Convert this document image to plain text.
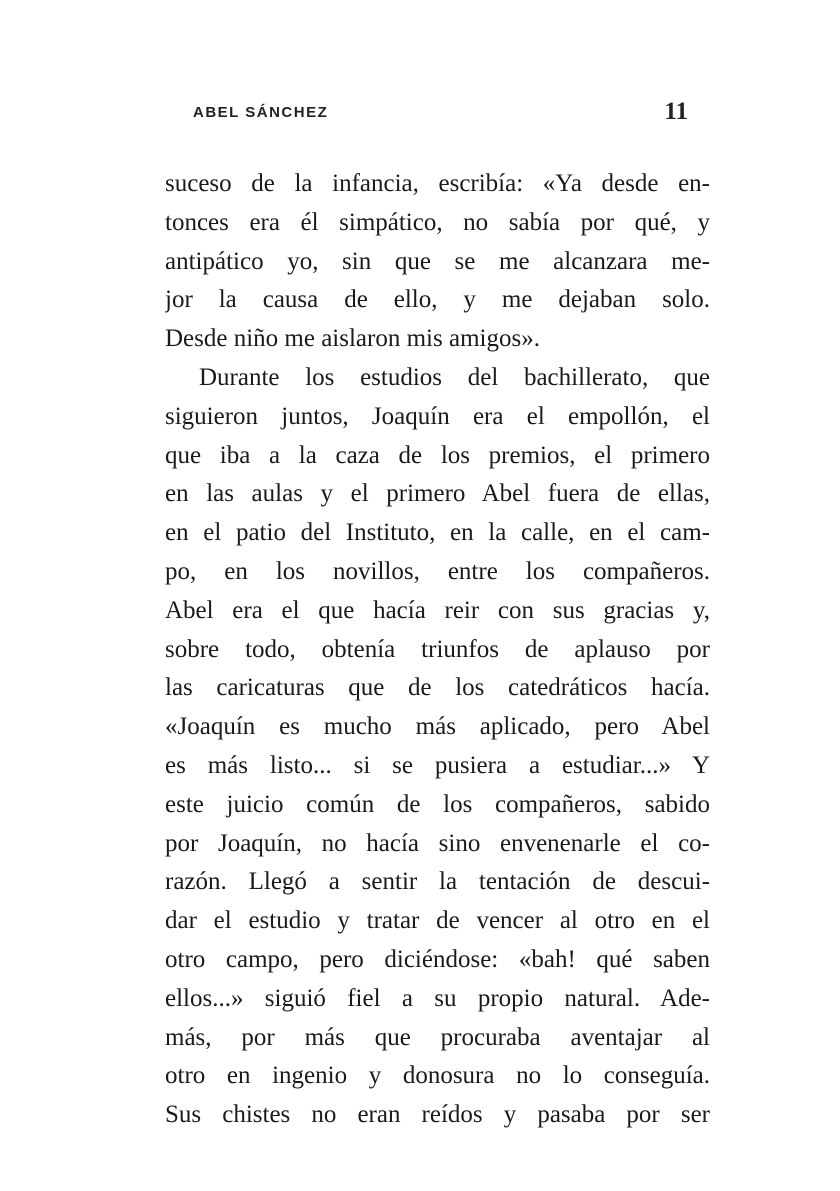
ABEL SÁNCHEZ	11
suceso de la infancia, escribía: «Ya desde en-
tonces era él simpático, no sabía por qué, y
antipático yo, sin que se me alcanzara me-
jor la causa de ello, y me dejaban solo.
Desde niño me aislaron mis amigos».
Durante los estudios del bachillerato, que
siguieron juntos, Joaquín era el empollón, el
que iba a la caza de los premios, el primero
en las aulas y el primero Abel fuera de ellas,
en el patio del Instituto, en la calle, en el cam-
po, en los novillos, entre los compañeros.
Abel era el que hacía reir con sus gracias y,
sobre todo, obtenía triunfos de aplauso por
las caricaturas que de los catedráticos hacía.
«Joaquín es mucho más aplicado, pero Abel
es más listo... si se pusiera a estudiar...» Y
este juicio común de los compañeros, sabido
por Joaquín, no hacía sino envenenarle el co-
razón. Llegó a sentir la tentación de descui-
dar el estudio y tratar de vencer al otro en el
otro campo, pero diciéndose: «bah! qué saben
ellos...» siguió fiel a su propio natural. Ade-
más, por más que procuraba aventajar al
otro en ingenio y donosura no lo conseguía.
Sus chistes no eran reídos y pasaba por ser
